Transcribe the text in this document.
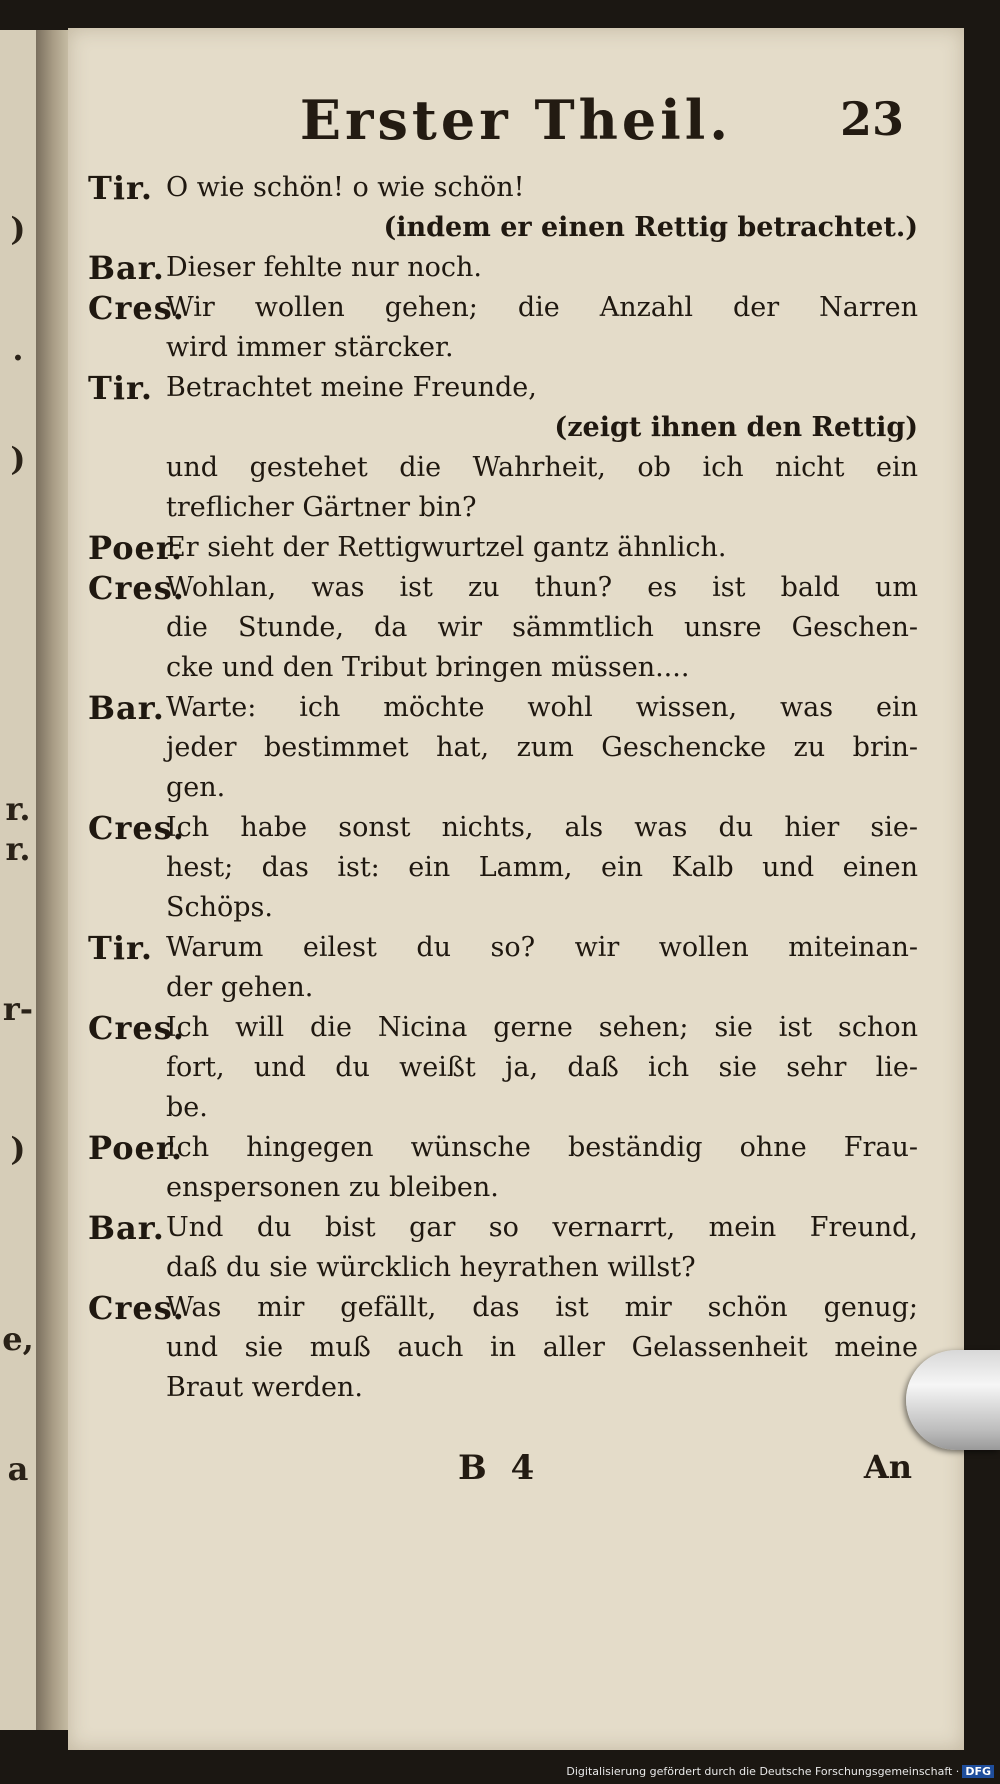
)
.
)
r.
r.
r-
)
e,
a
Erster Theil.	23
Tir. O wie schön! o wie schön!
(indem er einen Rettig betrachtet.)
Bar. Dieser fehlte nur noch.
Cres.
Wir wollen gehen; die Anzahl der Narren
wird immer stärcker.
Tir. Betrachtet meine Freunde,
(zeigt ihnen den Rettig)
und gestehet die Wahrheit, ob ich nicht ein
treflicher Gärtner bin?
Poer.
Er sieht der Rettigwurtzel gantz ähnlich.
Cres.
Wohlan, was ist zu thun? es ist bald um
die Stunde, da wir sämmtlich unsre Geschen-
cke und den Tribut bringen müssen....
Bar. Warte: ich möchte wohl wissen, was ein
jeder bestimmet hat, zum Geschencke zu brin-
gen.
Cres.
Ich habe sonst nichts, als was du hier sie-
hest; das ist: ein Lamm, ein Kalb und einen
Schöps.
Tir. Warum eilest du so? wir wollen miteinan-
der gehen.
Cres.
Ich will die Nicina gerne sehen; sie ist schon
fort, und du weißt ja, daß ich sie sehr lie-
be.
Poer.
Ich hingegen wünsche beständig ohne Frau-
enspersonen zu bleiben.
Bar. Und du bist gar so vernarrt, mein Freund,
daß du sie würcklich heyrathen willst?
Cres.
Was mir gefällt, das ist mir schön genug;
und sie muß auch in aller Gelassenheit meine
Braut werden.
B 4	An
Digitalisierung gefördert durch die Deutsche Forschungsgemeinschaft · DFG
